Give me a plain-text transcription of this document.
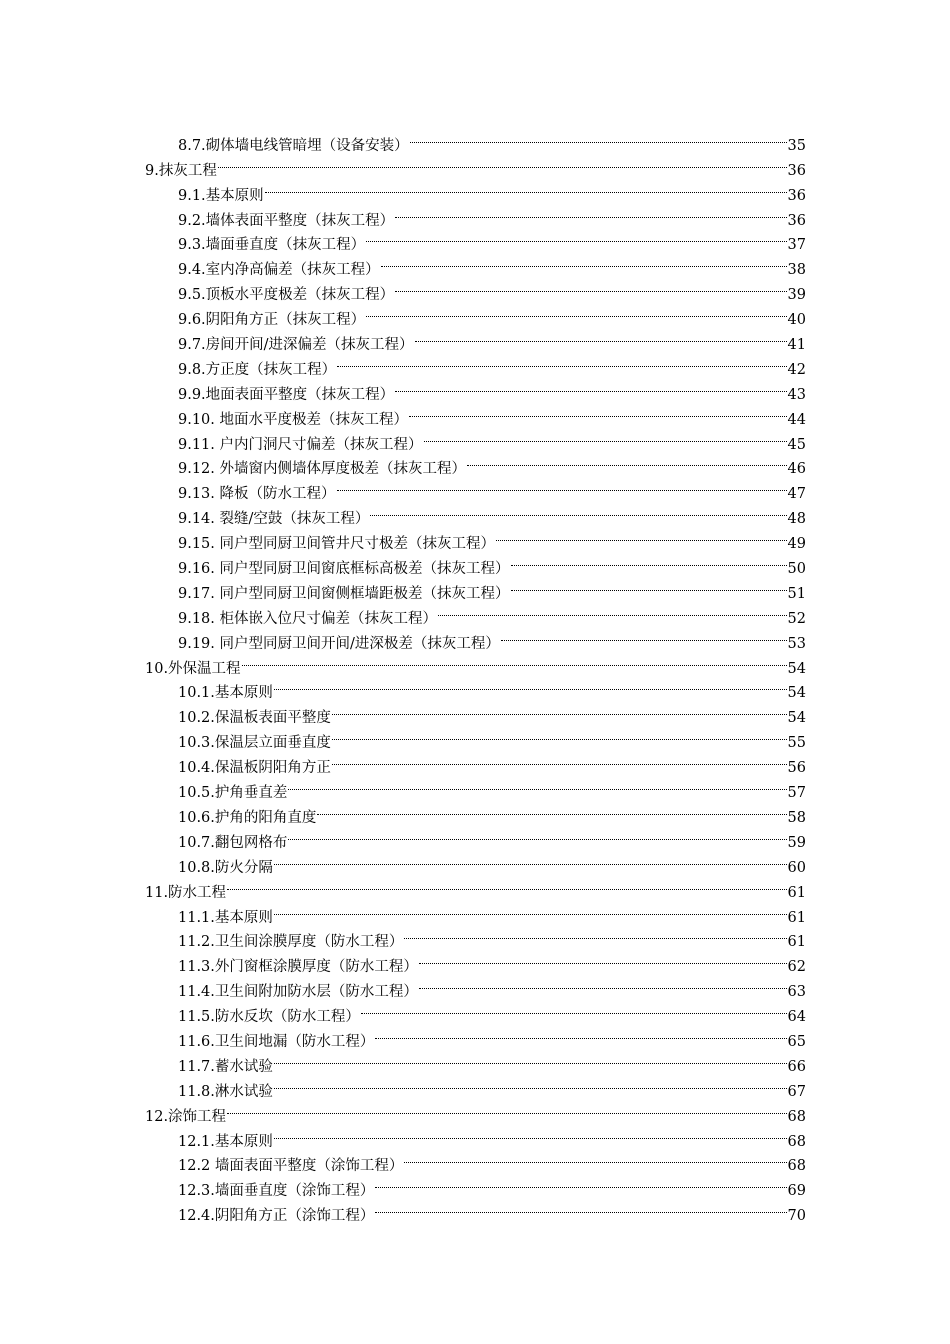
8.7.砌体墙电线管暗埋（设备安装）	35
9.抹灰工程	36
9.1.基本原则	36
9.2.墙体表面平整度（抹灰工程）	36
9.3.墙面垂直度（抹灰工程）	37
9.4.室内净高偏差（抹灰工程）	38
9.5.顶板水平度极差（抹灰工程）	39
9.6.阴阳角方正（抹灰工程）	40
9.7.房间开间/进深偏差（抹灰工程）	41
9.8.方正度（抹灰工程）	42
9.9.地面表面平整度（抹灰工程）	43
9.10. 地面水平度极差（抹灰工程）	44
9.11. 户内门洞尺寸偏差（抹灰工程）	45
9.12. 外墙窗内侧墙体厚度极差（抹灰工程）	46
9.13. 降板（防水工程）	47
9.14. 裂缝/空鼓（抹灰工程）	48
9.15. 同户型同厨卫间管井尺寸极差（抹灰工程）	49
9.16. 同户型同厨卫间窗底框标高极差（抹灰工程）	50
9.17. 同户型同厨卫间窗侧框墙距极差（抹灰工程）	51
9.18. 柜体嵌入位尺寸偏差（抹灰工程）	52
9.19. 同户型同厨卫间开间/进深极差（抹灰工程）	53
10.外保温工程	54
10.1.基本原则	54
10.2.保温板表面平整度	54
10.3.保温层立面垂直度	55
10.4.保温板阴阳角方正	56
10.5.护角垂直差	57
10.6.护角的阳角直度	58
10.7.翻包网格布	59
10.8.防火分隔	60
11.防水工程	61
11.1.基本原则	61
11.2.卫生间涂膜厚度（防水工程）	61
11.3.外门窗框涂膜厚度（防水工程）	62
11.4.卫生间附加防水层（防水工程）	63
11.5.防水反坎（防水工程）	64
11.6.卫生间地漏（防水工程）	65
11.7.蓄水试验	66
11.8.淋水试验	67
12.涂饰工程	68
12.1.基本原则	68
12.2 墙面表面平整度（涂饰工程）	68
12.3.墙面垂直度（涂饰工程）	69
12.4.阴阳角方正（涂饰工程）	70
